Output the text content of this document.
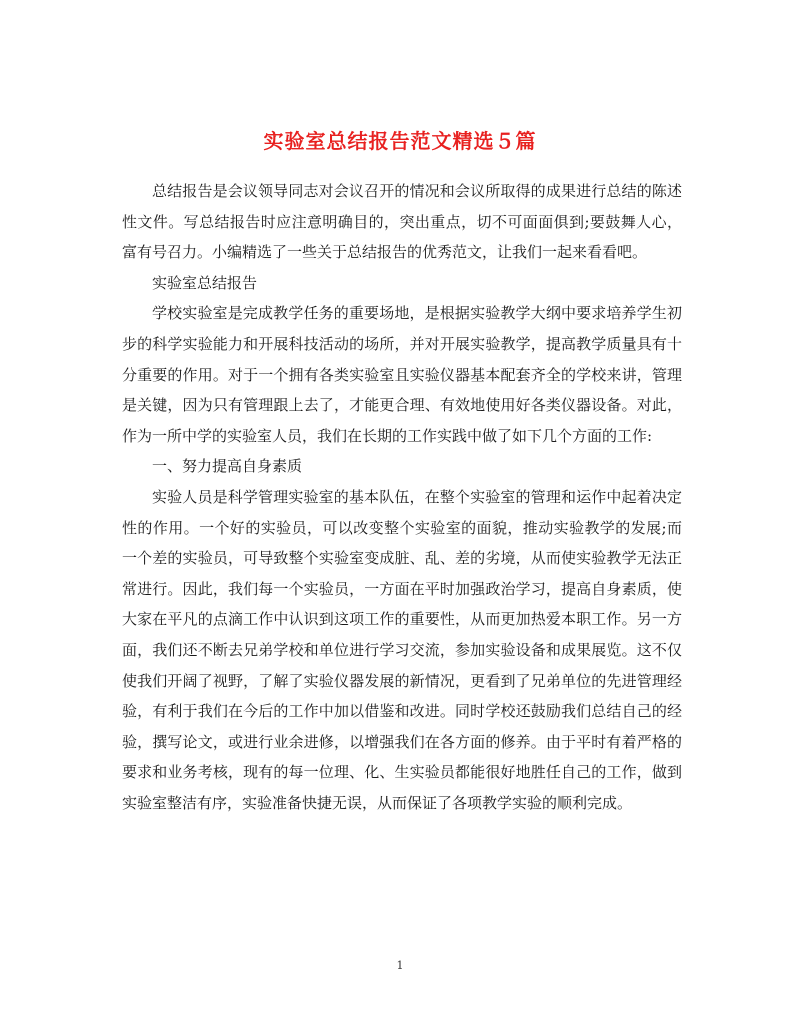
实验室总结报告范文精选５篇

总结报告是会议领导同志对会议召开的情况和会议所取得的成果进行总结的陈述性文件。写总结报告时应注意明确目的，突出重点，切不可面面俱到;要鼓舞人心，富有号召力。小编精选了一些关于总结报告的优秀范文，让我们一起来看看吧。

实验室总结报告

学校实验室是完成教学任务的重要场地，是根据实验教学大纲中要求培养学生初步的科学实验能力和开展科技活动的场所，并对开展实验教学，提高教学质量具有十分重要的作用。对于一个拥有各类实验室且实验仪器基本配套齐全的学校来讲，管理是关键，因为只有管理跟上去了，才能更合理、有效地使用好各类仪器设备。对此，作为一所中学的实验室人员，我们在长期的工作实践中做了如下几个方面的工作:

一、努力提高自身素质

实验人员是科学管理实验室的基本队伍，在整个实验室的管理和运作中起着决定性的作用。一个好的实验员，可以改变整个实验室的面貌，推动实验教学的发展;而一个差的实验员，可导致整个实验室变成脏、乱、差的劣境，从而使实验教学无法正常进行。因此，我们每一个实验员，一方面在平时加强政治学习，提高自身素质，使大家在平凡的点滴工作中认识到这项工作的重要性，从而更加热爱本职工作。另一方面，我们还不断去兄弟学校和单位进行学习交流，参加实验设备和成果展览。这不仅使我们开阔了视野，了解了实验仪器发展的新情况，更看到了兄弟单位的先进管理经验，有利于我们在今后的工作中加以借鉴和改进。同时学校还鼓励我们总结自己的经验，撰写论文，或进行业余进修，以增强我们在各方面的修养。由于平时有着严格的要求和业务考核，现有的每一位理、化、生实验员都能很好地胜任自己的工作，做到实验室整洁有序，实验准备快捷无误，从而保证了各项教学实验的顺利完成。

1
